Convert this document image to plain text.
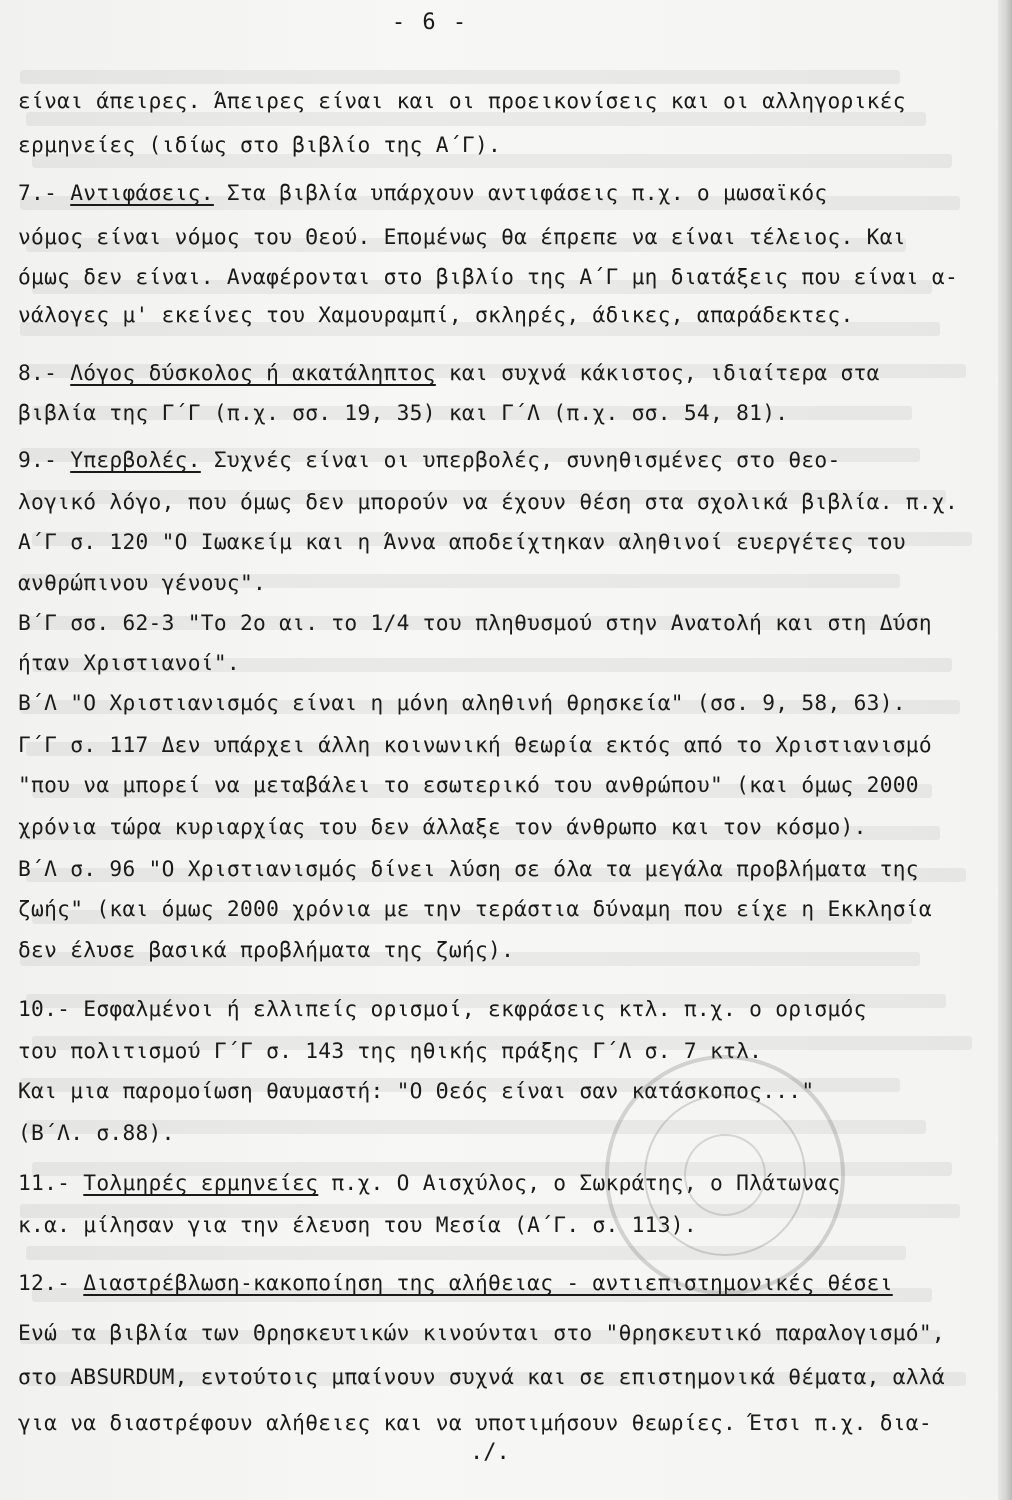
- 6 -
είναι άπειρες. Άπειρες είναι και οι προεικονίσεις και οι αλληγορικές
ερμηνείες (ιδίως στο βιβλίο της Α΄Γ).
7.- Αντιφάσεις. Στα βιβλία υπάρχουν αντιφάσεις π.χ. ο μωσαϊκός
νόμος είναι νόμος του Θεού. Επομένως θα έπρεπε να είναι τέλειος. Και
όμως δεν είναι. Αναφέρονται στο βιβλίο της Α΄Γ μη διατάξεις που είναι α-
νάλογες μ' εκείνες του Χαμουραμπί, σκληρές, άδικες, απαράδεκτες.
8.- Λόγος δύσκολος ή ακατάληπτος και συχνά κάκιστος, ιδιαίτερα στα
βιβλία της Γ΄Γ (π.χ. σσ. 19, 35) και Γ΄Λ (π.χ. σσ. 54, 81).
9.- Υπερβολές. Συχνές είναι οι υπερβολές, συνηθισμένες στο θεο-
λογικό λόγο, που όμως δεν μπορούν να έχουν θέση στα σχολικά βιβλία. π.χ.
Α΄Γ σ. 120 "Ο Ιωακείμ και η Άννα αποδείχτηκαν αληθινοί ευεργέτες του
ανθρώπινου γένους".
Β΄Γ σσ. 62-3 "Το 2ο αι. το 1/4 του πληθυσμού στην Ανατολή και στη Δύση
ήταν Χριστιανοί".
Β΄Λ "Ο Χριστιανισμός είναι η μόνη αληθινή θρησκεία" (σσ. 9, 58, 63).
Γ΄Γ σ. 117 Δεν υπάρχει άλλη κοινωνική θεωρία εκτός από το Χριστιανισμό
"που να μπορεί να μεταβάλει το εσωτερικό του ανθρώπου" (και όμως 2000
χρόνια τώρα κυριαρχίας του δεν άλλαξε τον άνθρωπο και τον κόσμο).
Β΄Λ σ. 96 "Ο Χριστιανισμός δίνει λύση σε όλα τα μεγάλα προβλήματα της
ζωής" (και όμως 2000 χρόνια με την τεράστια δύναμη που είχε η Εκκλησία
δεν έλυσε βασικά προβλήματα της ζωής).
10.- Εσφαλμένοι ή ελλιπείς ορισμοί, εκφράσεις κτλ. π.χ. ο ορισμός
του πολιτισμού Γ΄Γ σ. 143 της ηθικής πράξης Γ΄Λ σ. 7 κτλ.
Και μια παρομοίωση θαυμαστή: "Ο Θεός είναι σαν κατάσκοπος..."
(Β΄Λ. σ.88).
11.- Τολμηρές ερμηνείες π.χ. Ο Αισχύλος, ο Σωκράτης, ο Πλάτωνας
κ.α. μίλησαν για την έλευση του Μεσία (Α΄Γ. σ. 113).
12.- Διαστρέβλωση-κακοποίηση της αλήθειας - αντιεπιστημονικές θέσει
Ενώ τα βιβλία των Θρησκευτικών κινούνται στο "θρησκευτικό παραλογισμό",
στο ABSURDUM, εντούτοις μπαίνουν συχνά και σε επιστημονικά θέματα, αλλά
για να διαστρέφουν αλήθειες και να υποτιμήσουν θεωρίες. Έτσι π.χ. δια-
./.
